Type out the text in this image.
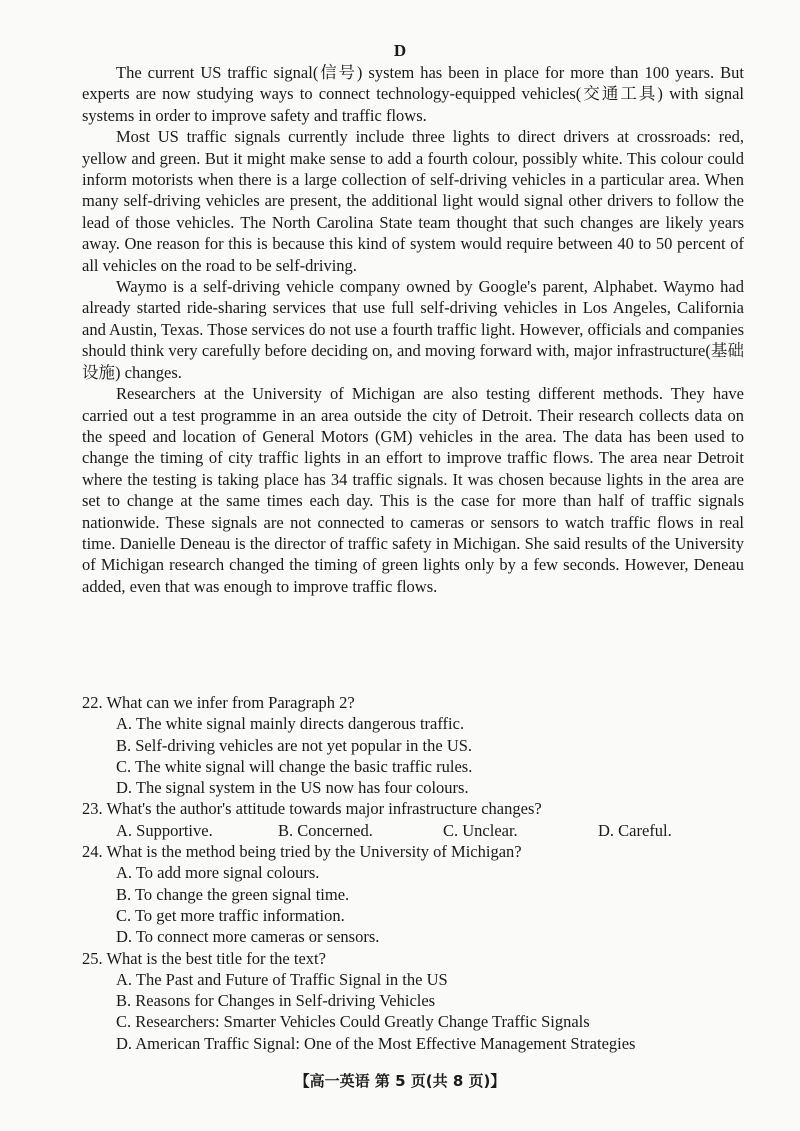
D

The current US traffic signal(信号) system has been in place for more than 100 years. But experts are now studying ways to connect technology-equipped vehicles(交通工具) with signal systems in order to improve safety and traffic flows.

Most US traffic signals currently include three lights to direct drivers at crossroads: red, yellow and green. But it might make sense to add a fourth colour, possibly white. This colour could inform motorists when there is a large collection of self-driving vehicles in a particular area. When many self-driving vehicles are present, the additional light would signal other drivers to follow the lead of those vehicles. The North Carolina State team thought that such changes are likely years away. One reason for this is because this kind of system would require between 40 to 50 percent of all vehicles on the road to be self-driving.

Waymo is a self-driving vehicle company owned by Google's parent, Alphabet. Waymo had already started ride-sharing services that use full self-driving vehicles in Los Angeles, California and Austin, Texas. Those services do not use a fourth traffic light. However, officials and companies should think very carefully before deciding on, and moving forward with, major infrastructure(基础设施) changes.

Researchers at the University of Michigan are also testing different methods. They have carried out a test programme in an area outside the city of Detroit. Their research collects data on the speed and location of General Motors (GM) vehicles in the area. The data has been used to change the timing of city traffic lights in an effort to improve traffic flows. The area near Detroit where the testing is taking place has 34 traffic signals. It was chosen because lights in the area are set to change at the same times each day. This is the case for more than half of traffic signals nationwide. These signals are not connected to cameras or sensors to watch traffic flows in real time. Danielle Deneau is the director of traffic safety in Michigan. She said results of the University of Michigan research changed the timing of green lights only by a few seconds. However, Deneau added, even that was enough to improve traffic flows.

22. What can we infer from Paragraph 2?

A. The white signal mainly directs dangerous traffic.

B. Self-driving vehicles are not yet popular in the US.

C. The white signal will change the basic traffic rules.

D. The signal system in the US now has four colours.

23. What's the author's attitude towards major infrastructure changes?

A. Supportive.	B. Concerned.	C. Unclear.	D. Careful.

24. What is the method being tried by the University of Michigan?

A. To add more signal colours.

B. To change the green signal time.

C. To get more traffic information.

D. To connect more cameras or sensors.

25. What is the best title for the text?

A. The Past and Future of Traffic Signal in the US

B. Reasons for Changes in Self-driving Vehicles

C. Researchers: Smarter Vehicles Could Greatly Change Traffic Signals

D. American Traffic Signal: One of the Most Effective Management Strategies

【高一英语 第 5 页(共 8 页)】
